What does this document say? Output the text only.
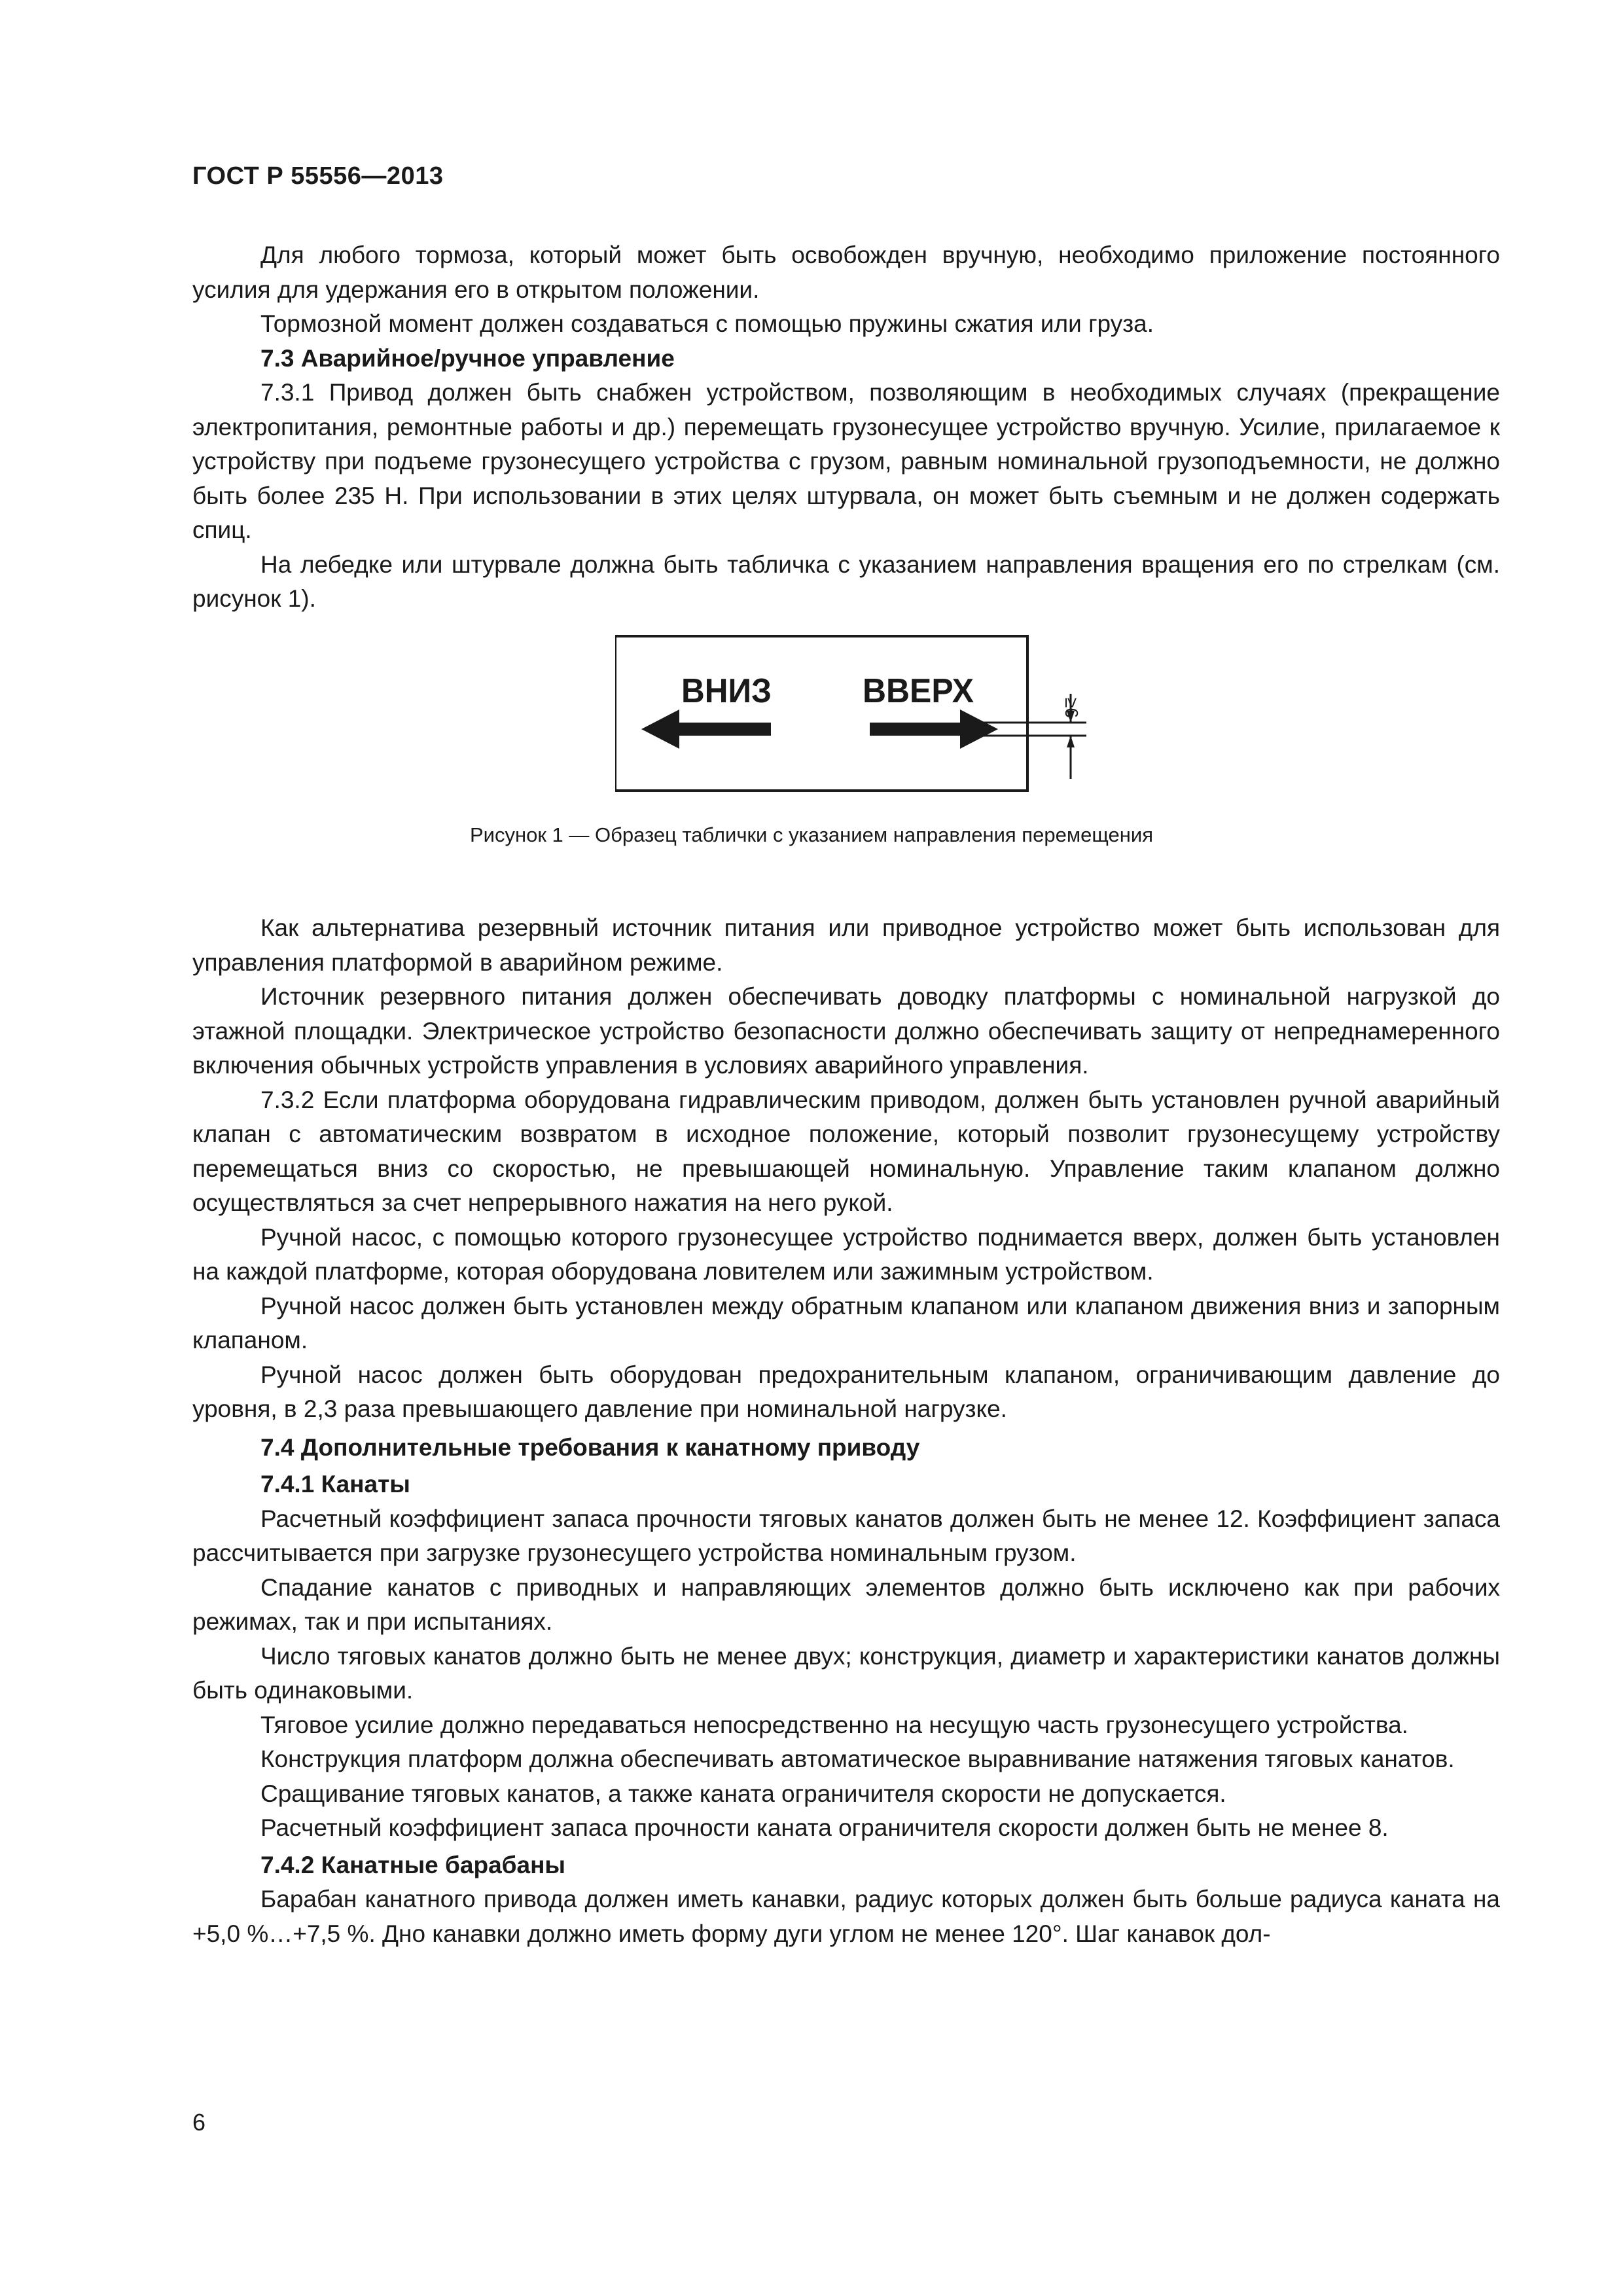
ГОСТ Р 55556—2013

Для любого тормоза, который может быть освобожден вручную, необходимо приложение постоянного усилия для удержания его в открытом положении.

Тормозной момент должен создаваться с помощью пружины сжатия или груза.

7.3 Аварийное/ручное управление

7.3.1 Привод должен быть снабжен устройством, позволяющим в необходимых случаях (прекращение электропитания, ремонтные работы и др.) перемещать грузонесущее устройство вручную. Усилие, прилагаемое к устройству при подъеме грузонесущего устройства с грузом, равным номинальной грузоподъемности, не должно быть более 235 Н. При использовании в этих целях штурвала, он может быть съемным и не должен содержать спиц.

На лебедке или штурвале должна быть табличка с указанием направления вращения его по стрелкам (см. рисунок 1).

ВНИЗ	ВВЕРХ	≥6
Рисунок 1 — Образец таблички с указанием направления перемещения

Как альтернатива резервный источник питания или приводное устройство может быть использован для управления платформой в аварийном режиме.

Источник резервного питания должен обеспечивать доводку платформы с номинальной нагрузкой до этажной площадки. Электрическое устройство безопасности должно обеспечивать защиту от непреднамеренного включения обычных устройств управления в условиях аварийного управления.

7.3.2 Если платформа оборудована гидравлическим приводом, должен быть установлен ручной аварийный клапан с автоматическим возвратом в исходное положение, который позволит грузонесущему устройству перемещаться вниз со скоростью, не превышающей номинальную. Управление таким клапаном должно осуществляться за счет непрерывного нажатия на него рукой.

Ручной насос, с помощью которого грузонесущее устройство поднимается вверх, должен быть установлен на каждой платформе, которая оборудована ловителем или зажимным устройством.

Ручной насос должен быть установлен между обратным клапаном или клапаном движения вниз и запорным клапаном.

Ручной насос должен быть оборудован предохранительным клапаном, ограничивающим давление до уровня, в 2,3 раза превышающего давление при номинальной нагрузке.

7.4 Дополнительные требования к канатному приводу

7.4.1 Канаты

Расчетный коэффициент запаса прочности тяговых канатов должен быть не менее 12. Коэффициент запаса рассчитывается при загрузке грузонесущего устройства номинальным грузом.

Спадание канатов с приводных и направляющих элементов должно быть исключено как при рабочих режимах, так и при испытаниях.

Число тяговых канатов должно быть не менее двух; конструкция, диаметр и характеристики канатов должны быть одинаковыми.

Тяговое усилие должно передаваться непосредственно на несущую часть грузонесущего устройства.

Конструкция платформ должна обеспечивать автоматическое выравнивание натяжения тяговых канатов.

Сращивание тяговых канатов, а также каната ограничителя скорости не допускается.

Расчетный коэффициент запаса прочности каната ограничителя скорости должен быть не менее 8.

7.4.2 Канатные барабаны

Барабан канатного привода должен иметь канавки, радиус которых должен быть больше радиуса каната на +5,0 %…+7,5 %. Дно канавки должно иметь форму дуги углом не менее 120°. Шаг канавок дол-

6
